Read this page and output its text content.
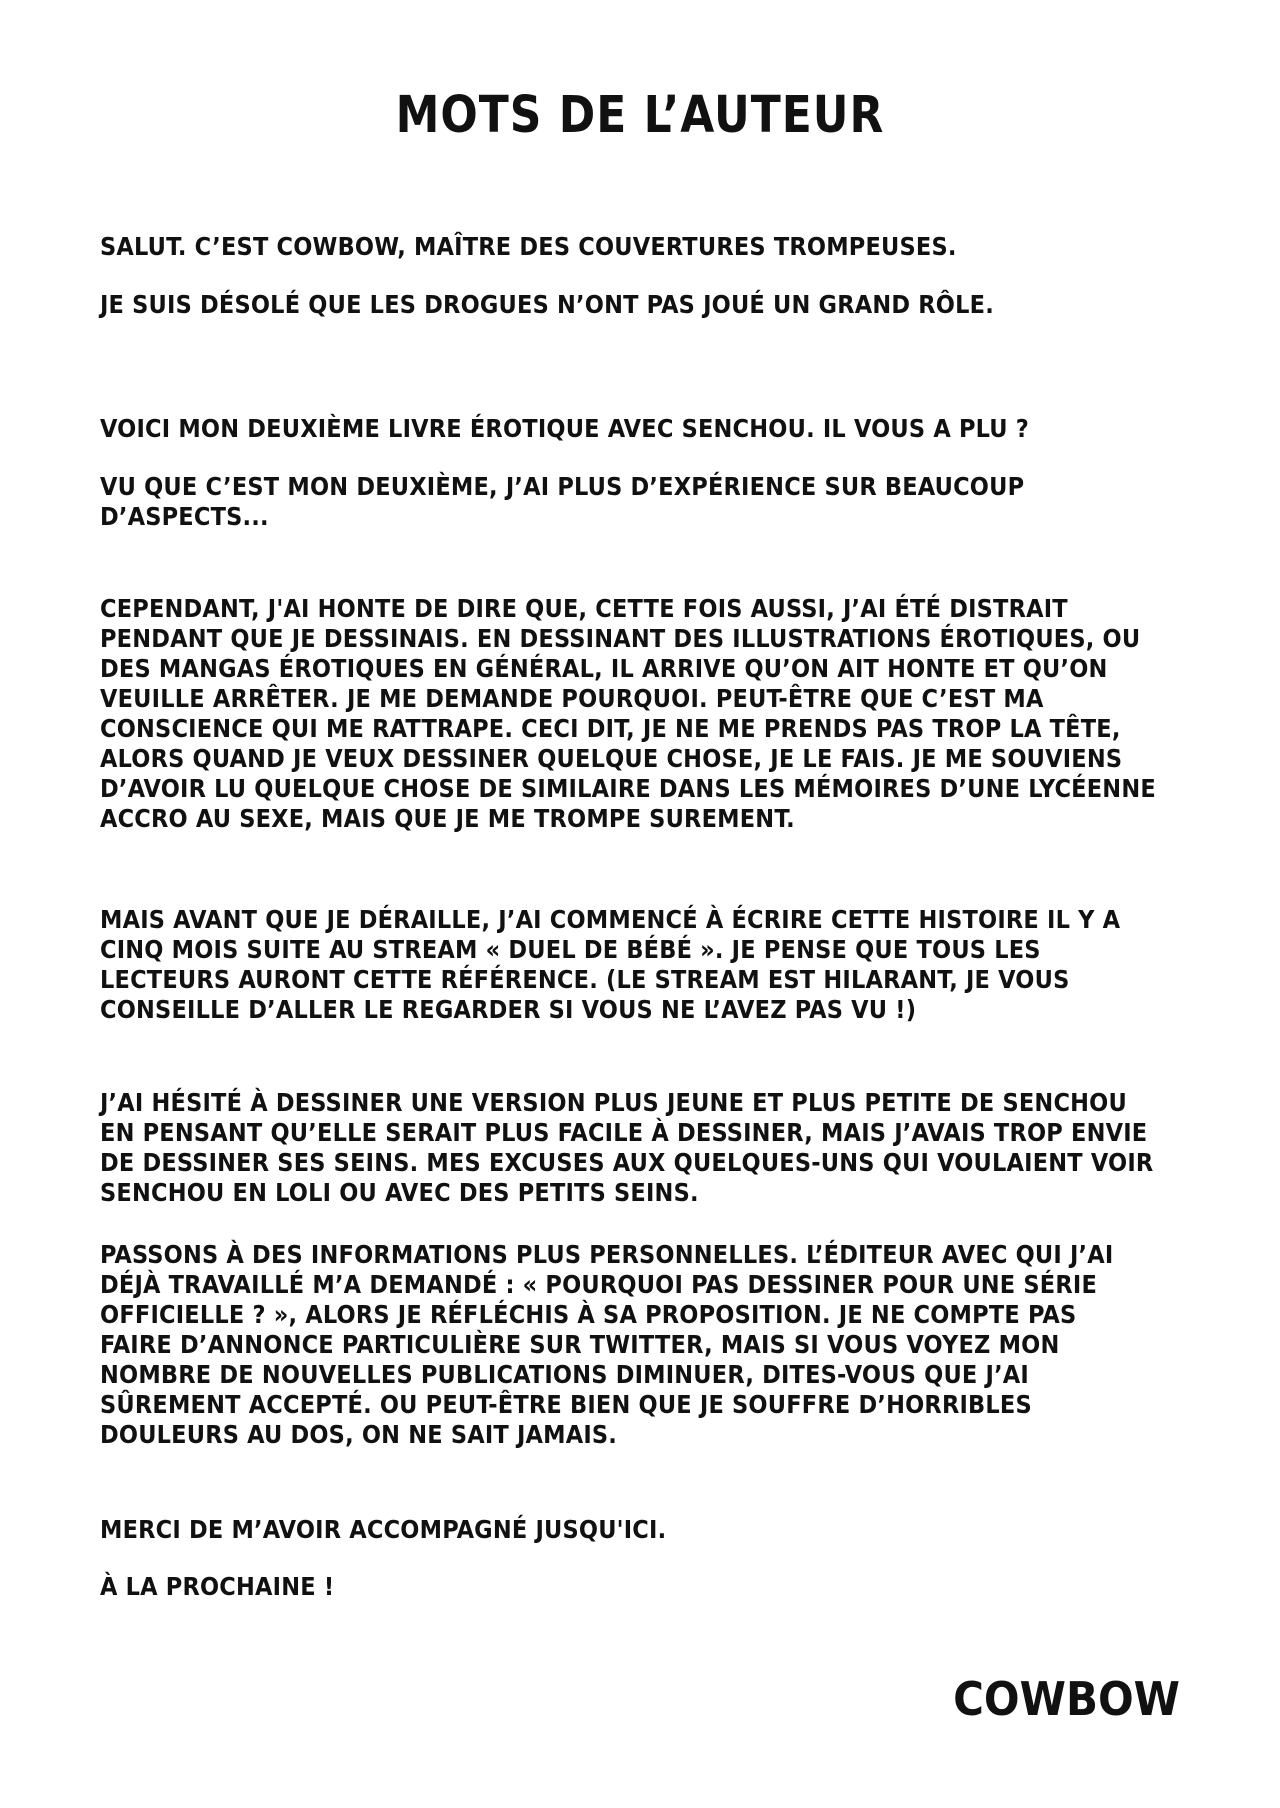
MOTS DE L’AUTEUR

SALUT. C’EST COWBOW, MAÎTRE DES COUVERTURES TROMPEUSES.

JE SUIS DÉSOLÉ QUE LES DROGUES N’ONT PAS JOUÉ UN GRAND RÔLE.

VOICI MON DEUXIÈME LIVRE ÉROTIQUE AVEC SENCHOU. IL VOUS A PLU ?

VU QUE C’EST MON DEUXIÈME, J’AI PLUS D’EXPÉRIENCE SUR BEAUCOUP
D’ASPECTS...

CEPENDANT, J'AI HONTE DE DIRE QUE, CETTE FOIS AUSSI, J’AI ÉTÉ DISTRAIT
PENDANT QUE JE DESSINAIS. EN DESSINANT DES ILLUSTRATIONS ÉROTIQUES, OU
DES MANGAS ÉROTIQUES EN GÉNÉRAL, IL ARRIVE QU’ON AIT HONTE ET QU’ON
VEUILLE ARRÊTER. JE ME DEMANDE POURQUOI. PEUT-ÊTRE QUE C’EST MA
CONSCIENCE QUI ME RATTRAPE. CECI DIT, JE NE ME PRENDS PAS TROP LA TÊTE,
ALORS QUAND JE VEUX DESSINER QUELQUE CHOSE, JE LE FAIS. JE ME SOUVIENS
D’AVOIR LU QUELQUE CHOSE DE SIMILAIRE DANS LES MÉMOIRES D’UNE LYCÉENNE
ACCRO AU SEXE, MAIS QUE JE ME TROMPE SUREMENT.

MAIS AVANT QUE JE DÉRAILLE, J’AI COMMENCÉ À ÉCRIRE CETTE HISTOIRE IL Y A
CINQ MOIS SUITE AU STREAM « DUEL DE BÉBÉ ». JE PENSE QUE TOUS LES
LECTEURS AURONT CETTE RÉFÉRENCE. (LE STREAM EST HILARANT, JE VOUS
CONSEILLE D’ALLER LE REGARDER SI VOUS NE L’AVEZ PAS VU !)

J’AI HÉSITÉ À DESSINER UNE VERSION PLUS JEUNE ET PLUS PETITE DE SENCHOU
EN PENSANT QU’ELLE SERAIT PLUS FACILE À DESSINER, MAIS J’AVAIS TROP ENVIE
DE DESSINER SES SEINS. MES EXCUSES AUX QUELQUES-UNS QUI VOULAIENT VOIR
SENCHOU EN LOLI OU AVEC DES PETITS SEINS.

PASSONS À DES INFORMATIONS PLUS PERSONNELLES. L’ÉDITEUR AVEC QUI J’AI
DÉJÀ TRAVAILLÉ M’A DEMANDÉ : « POURQUOI PAS DESSINER POUR UNE SÉRIE
OFFICIELLE ? », ALORS JE RÉFLÉCHIS À SA PROPOSITION. JE NE COMPTE PAS
FAIRE D’ANNONCE PARTICULIÈRE SUR TWITTER, MAIS SI VOUS VOYEZ MON
NOMBRE DE NOUVELLES PUBLICATIONS DIMINUER, DITES-VOUS QUE J’AI
SÛREMENT ACCEPTÉ. OU PEUT-ÊTRE BIEN QUE JE SOUFFRE D’HORRIBLES
DOULEURS AU DOS, ON NE SAIT JAMAIS.

MERCI DE M’AVOIR ACCOMPAGNÉ JUSQU'ICI.

À LA PROCHAINE !

COWBOW
